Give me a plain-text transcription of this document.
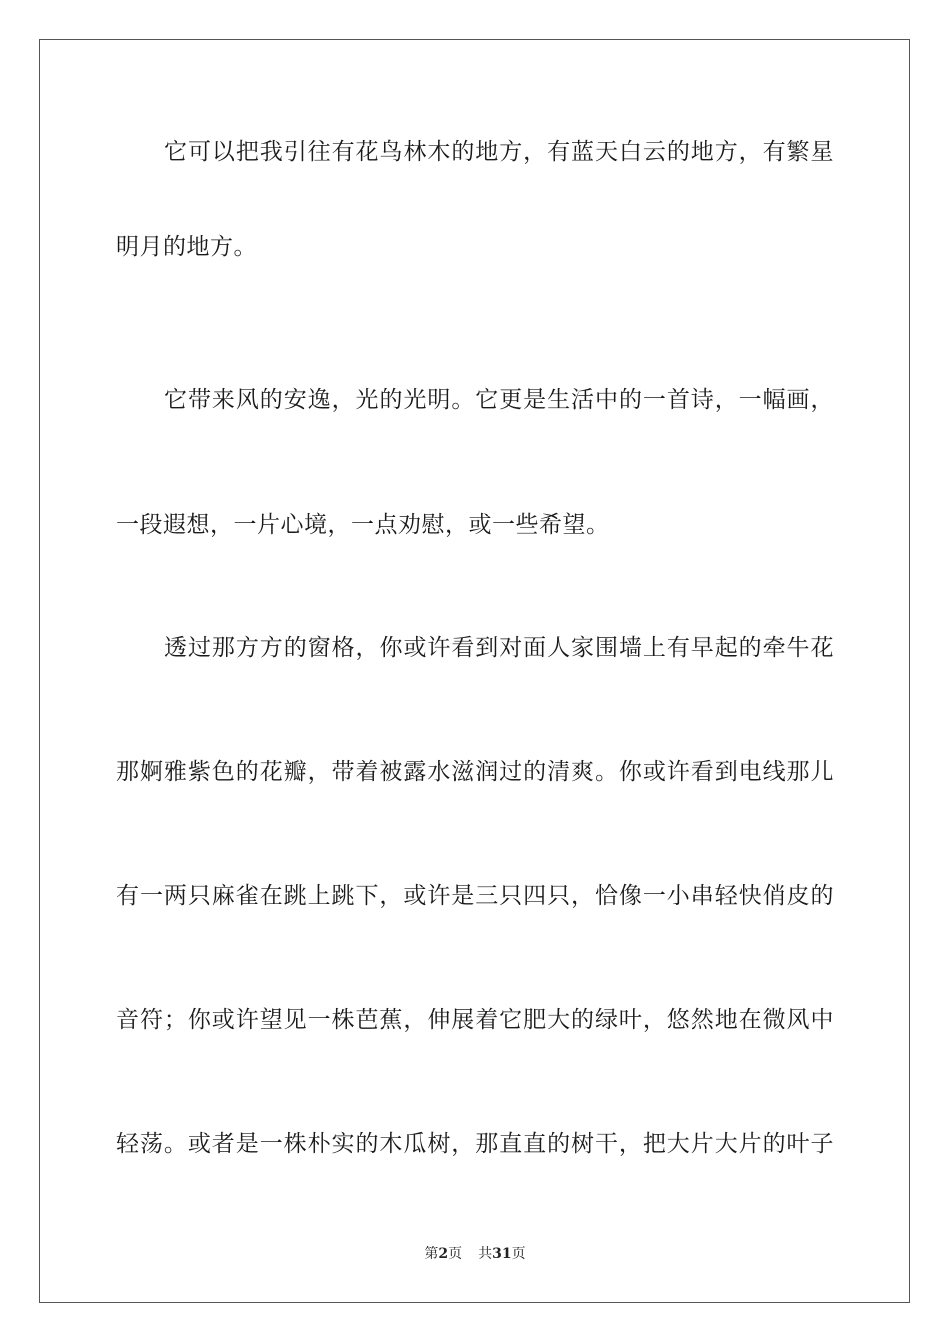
它可以把我引往有花鸟林木的地方，有蓝天白云的地方，有繁星
明月的地方。
它带来风的安逸，光的光明。它更是生活中的一首诗，一幅画，
一段遐想，一片心境，一点劝慰，或一些希望。
透过那方方的窗格，你或许看到对面人家围墙上有早起的牵牛花
那婀雅紫色的花瓣，带着被露水滋润过的清爽。你或许看到电线那儿
有一两只麻雀在跳上跳下，或许是三只四只，恰像一小串轻快俏皮的
音符；你或许望见一株芭蕉，伸展着它肥大的绿叶，悠然地在微风中
轻荡。或者是一株朴实的木瓜树，那直直的树干，把大片大片的叶子
第2页 共31页
